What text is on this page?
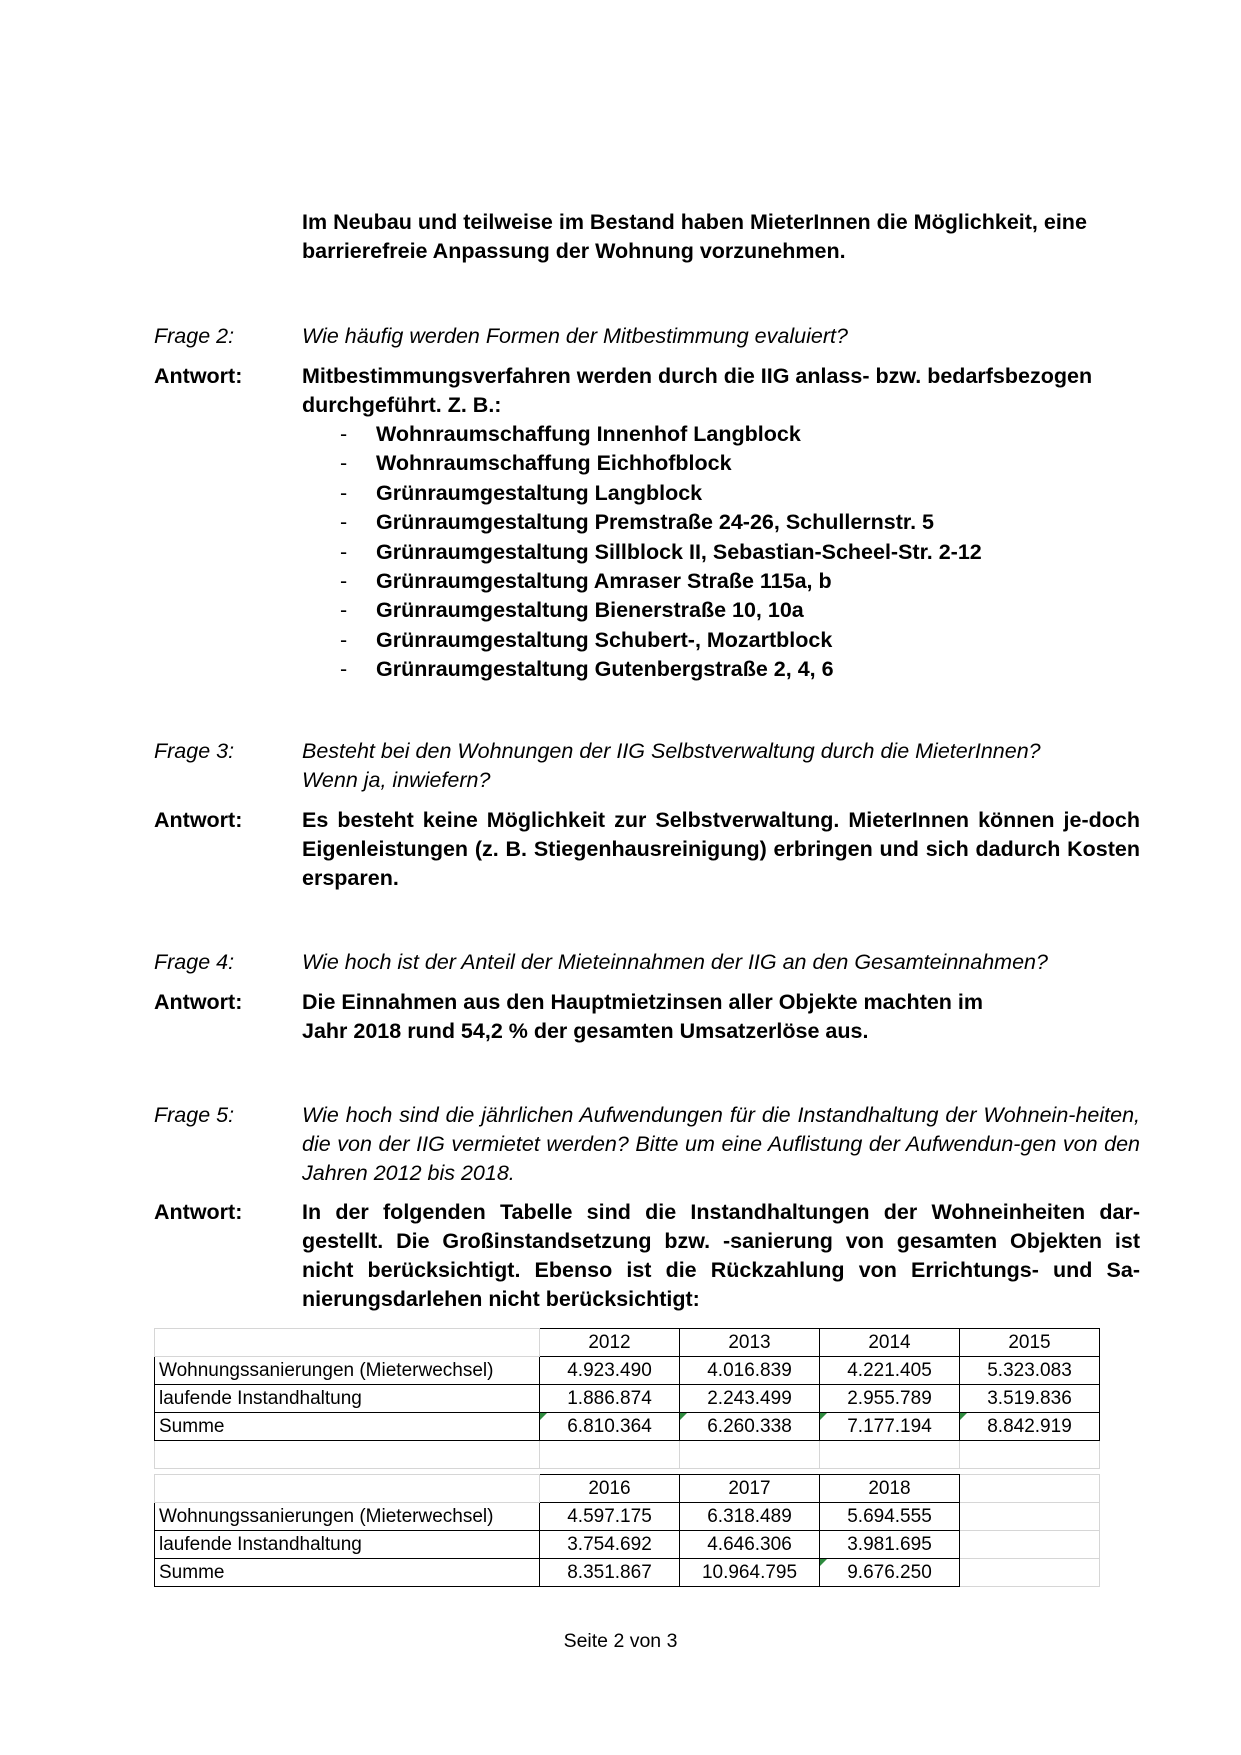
Im Neubau und teilweise im Bestand haben MieterInnen die Möglichkeit, eine
barrierefreie Anpassung der Wohnung vorzunehmen.
Frage 2:	Wie häufig werden Formen der Mitbestimmung evaluiert?
Antwort:	Mitbestimmungsverfahren werden durch die IIG anlass- bzw. bedarfsbezogen
durchgeführt. Z. B.:
- Wohnraumschaffung Innenhof Langblock
- Wohnraumschaffung Eichhofblock
- Grünraumgestaltung Langblock
- Grünraumgestaltung Premstraße 24-26, Schullernstr. 5
- Grünraumgestaltung Sillblock II, Sebastian-Scheel-Str. 2-12
- Grünraumgestaltung Amraser Straße 115a, b
- Grünraumgestaltung Bienerstraße 10, 10a
- Grünraumgestaltung Schubert-, Mozartblock
- Grünraumgestaltung Gutenbergstraße 2, 4, 6
Frage 3:	Besteht bei den Wohnungen der IIG Selbstverwaltung durch die MieterInnen?
Wenn ja, inwiefern?
Antwort:	Es besteht keine Möglichkeit zur Selbstverwaltung. MieterInnen können je-doch Eigenleistungen (z. B. Stiegenhausreinigung) erbringen und sich dadurch Kosten ersparen.
Frage 4:	Wie hoch ist der Anteil der Mieteinnahmen der IIG an den Gesamteinnahmen?
Antwort:	Die Einnahmen aus den Hauptmietzinsen aller Objekte machten im
Jahr 2018 rund 54,2 % der gesamten Umsatzerlöse aus.
Frage 5:	Wie hoch sind die jährlichen Aufwendungen für die Instandhaltung der Wohnein-heiten, die von der IIG vermietet werden? Bitte um eine Auflistung der Aufwendun-gen von den Jahren 2012 bis 2018.
Antwort:	In der folgenden Tabelle sind die Instandhaltungen der Wohneinheiten dar-gestellt. Die Großinstandsetzung bzw. -sanierung von gesamten Objekten ist nicht berücksichtigt. Ebenso ist die Rückzahlung von Errichtungs- und Sa-nierungsdarlehen nicht berücksichtigt:
	2012	2013	2014	2015
Wohnungssanierungen (Mieterwechsel)	4.923.490	4.016.839	4.221.405	5.323.083
laufende Instandhaltung	1.886.874	2.243.499	2.955.789	3.519.836
Summe	6.810.364	6.260.338	7.177.194	8.842.919

	2016	2017	2018	
Wohnungssanierungen (Mieterwechsel)	4.597.175	6.318.489	5.694.555	
laufende Instandhaltung	3.754.692	4.646.306	3.981.695	
Summe	8.351.867	10.964.795	9.676.250	
Seite 2 von 3
